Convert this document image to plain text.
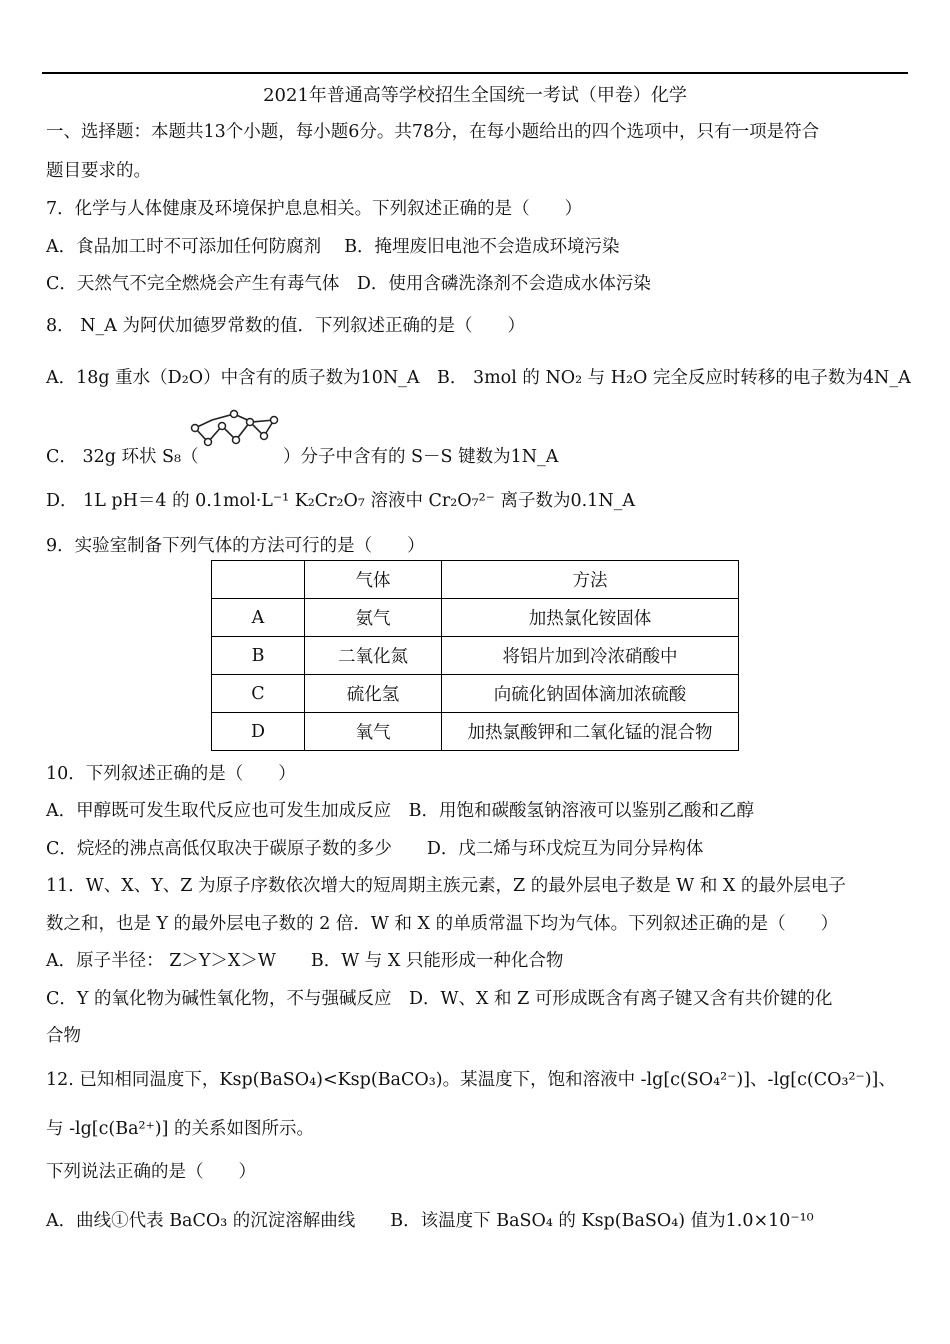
2021年普通高等学校招生全国统一考试（甲卷）化学
一、选择题：本题共13个小题，每小题6分。共78分，在每小题给出的四个选项中，只有一项是符合
题目要求的。
7．化学与人体健康及环境保护息息相关。下列叙述正确的是（　　）
A．食品加工时不可添加任何防腐剂　 B．掩埋废旧电池不会造成环境污染
C．天然气不完全燃烧会产生有毒气体　D．使用含磷洗涤剂不会造成水体污染
8． N_A 为阿伏加德罗常数的值．下列叙述正确的是（　　）
A．18g 重水（D₂O）中含有的质子数为10N_A　B． 3mol 的 NO₂ 与 H₂O 完全反应时转移的电子数为4N_A
C． 32g 环状 S₈（	）分子中含有的 S－S 键数为1N_A
D． 1L pH＝4 的 0.1mol·L⁻¹ K₂Cr₂O₇ 溶液中 Cr₂O₇²⁻ 离子数为0.1N_A
9．实验室制备下列气体的方法可行的是（　　）
	气体	方法
A	氨气	加热氯化铵固体
B	二氧化氮	将铝片加到冷浓硝酸中
C	硫化氢	向硫化钠固体滴加浓硫酸
D	氧气	加热氯酸钾和二氧化锰的混合物
10．下列叙述正确的是（　　）
A．甲醇既可发生取代反应也可发生加成反应　B．用饱和碳酸氢钠溶液可以鉴别乙酸和乙醇
C．烷烃的沸点高低仅取决于碳原子数的多少　　D．戊二烯与环戊烷互为同分异构体
11．W、X、Y、Z 为原子序数依次增大的短周期主族元素，Z 的最外层电子数是 W 和 X 的最外层电子
数之和，也是 Y 的最外层电子数的 2 倍．W 和 X 的单质常温下均为气体。下列叙述正确的是（　　）
A．原子半径： Z＞Y＞X＞W　　B．W 与 X 只能形成一种化合物
C．Y 的氧化物为碱性氧化物，不与强碱反应　D．W、X 和 Z 可形成既含有离子键又含有共价键的化
合物
12. 已知相同温度下，Ksp(BaSO₄)<Ksp(BaCO₃)。某温度下，饱和溶液中 -lg[c(SO₄²⁻)]、-lg[c(CO₃²⁻)]、
与 -lg[c(Ba²⁺)] 的关系如图所示。
下列说法正确的是（　　）
A．曲线①代表 BaCO₃ 的沉淀溶解曲线　　B．该温度下 BaSO₄ 的 Ksp(BaSO₄) 值为1.0×10⁻¹⁰
